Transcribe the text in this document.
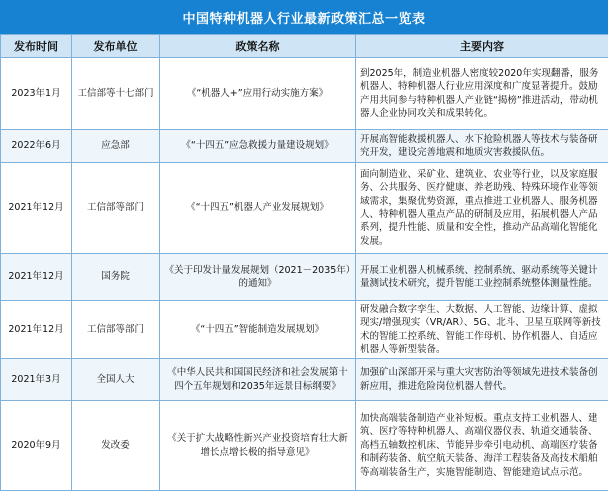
中国特种机器人行业最新政策汇总一览表
发布时间	发布单位	政策名称	主要内容
2023年1月	工信部等十七部门	《“机器人+”应用行动实施方案》	到2025年，制造业机器人密度较2020年实现翻番，服务机器人、特种机器人行业应用深度和广度显著提升。鼓励产用共同参与特种机器人产业链“揭榜”推进活动，带动机器人企业协同攻关和成果转化。
2022年6月	应急部	《“十四五”应急救援力量建设规划》	开展高智能救援机器人、水下抢险机器人等技术与装备研究开发，建设完善地震和地质灾害救援队伍。
2021年12月	工信部等部门	《“十四五”机器人产业发展规划》	面向制造业、采矿业、建筑业、农业等行业，以及家庭服务、公共服务、医疗健康、养老助残、特殊环境作业等领域需求，集聚优势资源，重点推进工业机器人、服务机器人、特种机器人重点产品的研制及应用，拓展机器人产品系列，提升性能、质量和安全性，推动产品高端化智能化发展。
2021年12月	国务院	《关于印发计量发展规划（2021－2035年）的通知》	开展工业机器人机械系统、控制系统、驱动系统等关键计量测试技术研究，提升智能工业控制系统整体测量性能。
2021年12月	工信部等部门	《“十四五”智能制造发展规划》	研发融合数字孪生、大数据、人工智能、边缘计算、虚拟现实/增强现实（VR/AR）、5G、北斗、卫星互联网等新技术的智能工控系统、智能工作母机、协作机器人、自适应机器人等新型装备。
2021年3月	全国人大	《中华人民共和国国民经济和社会发展第十四个五年规划和2035年远景目标纲要》	加强矿山深部开采与重大灾害防治等领域先进技术装备创新应用，推进危险岗位机器人替代。
2020年9月	发改委	《关于扩大战略性新兴产业投资培育壮大新增长点增长极的指导意见》	加快高端装备制造产业补短板。重点支持工业机器人、建筑、医疗等特种机器人、高端仪器仪表、轨道交通装备、高档五轴数控机床、节能异步牵引电动机、高端医疗装备和制药装备、航空航天装备、海洋工程装备及高技术船舶等高端装备生产，实施智能制造、智能建造试点示范。
